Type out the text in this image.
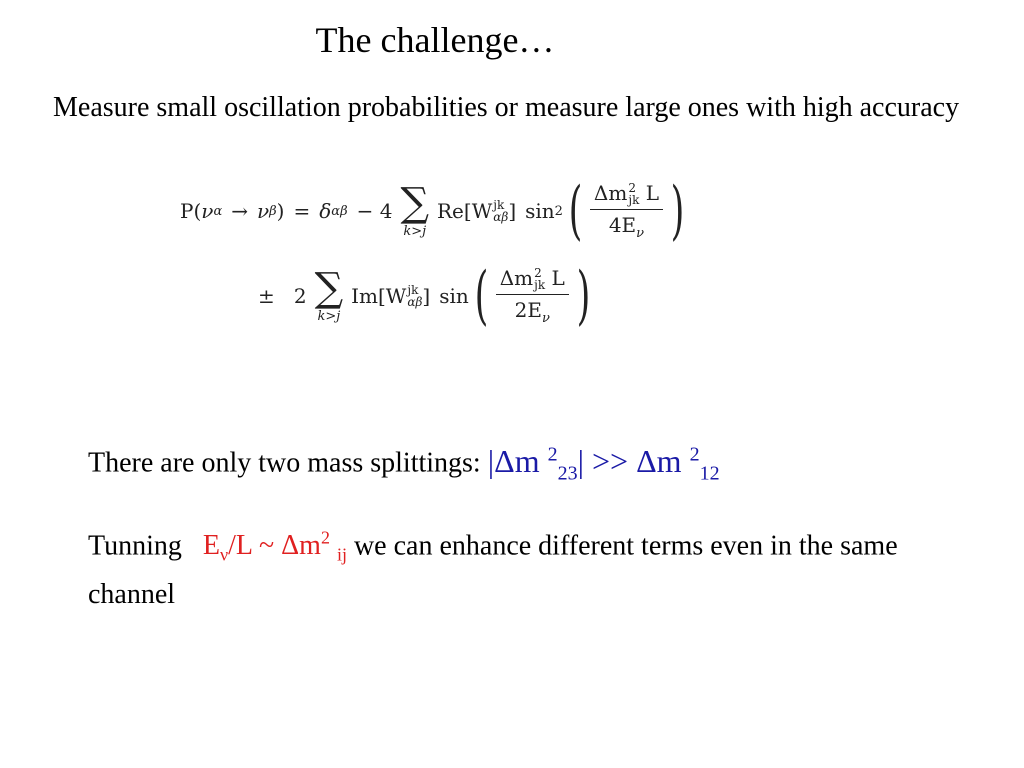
The challenge…
Measure small oscillation probabilities or measure large ones with high accuracy
P( ν α → ν β ) = δ αβ − 4 ∑
k>j
Re[W jk
αβ ] sin 2 ( Δm 2
jk L
$4E_\nu$ )
±   2 ∑
k>j
Im[W jk
αβ ] sin ( Δm 2
jk L
$2E_\nu$ )
There are only two mass splittings: |Δm $^2_{23}$| >> Δm $^2_{12}$
Tunning $E_\nu/L$ ~ $\Delta m^2$ $_{ij}$ we can enhance different terms even in the same channel
